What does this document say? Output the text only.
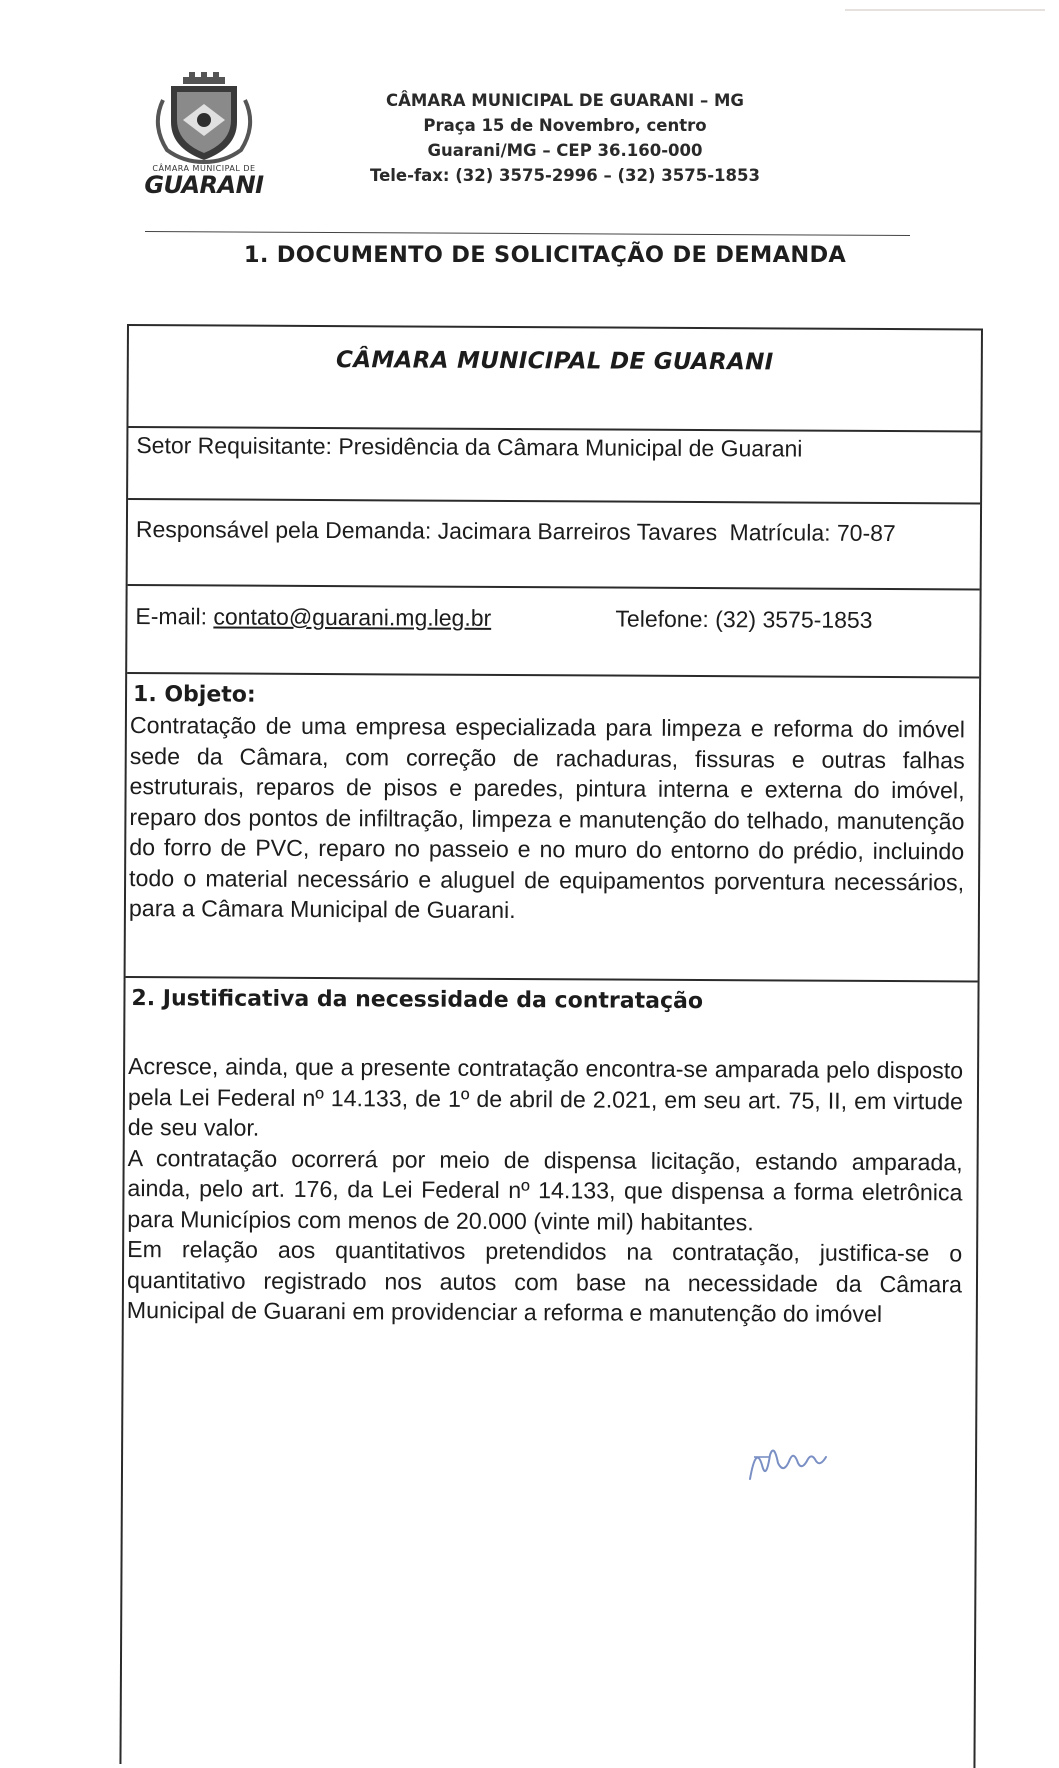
CÂMARA MUNICIPAL DE
GUARANI
CÂMARA MUNICIPAL DE GUARANI – MG
Praça 15 de Novembro, centro
Guarani/MG – CEP 36.160-000
Tele-fax: (32) 3575-2996 – (32) 3575-1853
1. DOCUMENTO DE SOLICITAÇÃO DE DEMANDA
CÂMARA MUNICIPAL DE GUARANI
Setor Requisitante: Presidência da Câmara Municipal de Guarani
Responsável pela Demanda: Jacimara Barreiros Tavares Matrícula: 70-87
E-mail: contato@guarani.mg.leg.br	Telefone: (32) 3575-1853
1. Objeto:

Contratação de uma empresa especializada para limpeza e reforma do imóvel sede da Câmara, com correção de rachaduras, fissuras e outras falhas estruturais, reparos de pisos e paredes, pintura interna e externa do imóvel, reparo dos pontos de infiltração, limpeza e manutenção do telhado, manutenção do forro de PVC, reparo no passeio e no muro do entorno do prédio, incluindo todo o material necessário e aluguel de equipamentos porventura necessários, para a Câmara Municipal de Guarani.

2. Justificativa da necessidade da contratação

Acresce, ainda, que a presente contratação encontra-se amparada pelo disposto pela Lei Federal nº 14.133, de 1º de abril de 2.021, em seu art. 75, II, em virtude de seu valor.

A contratação ocorrerá por meio de dispensa licitação, estando amparada, ainda, pelo art. 176, da Lei Federal nº 14.133, que dispensa a forma eletrônica para Municípios com menos de 20.000 (vinte mil) habitantes.

Em relação aos quantitativos pretendidos na contratação, justifica-se o quantitativo registrado nos autos com base na necessidade da Câmara Municipal de Guarani em providenciar a reforma e manutenção do imóvel
